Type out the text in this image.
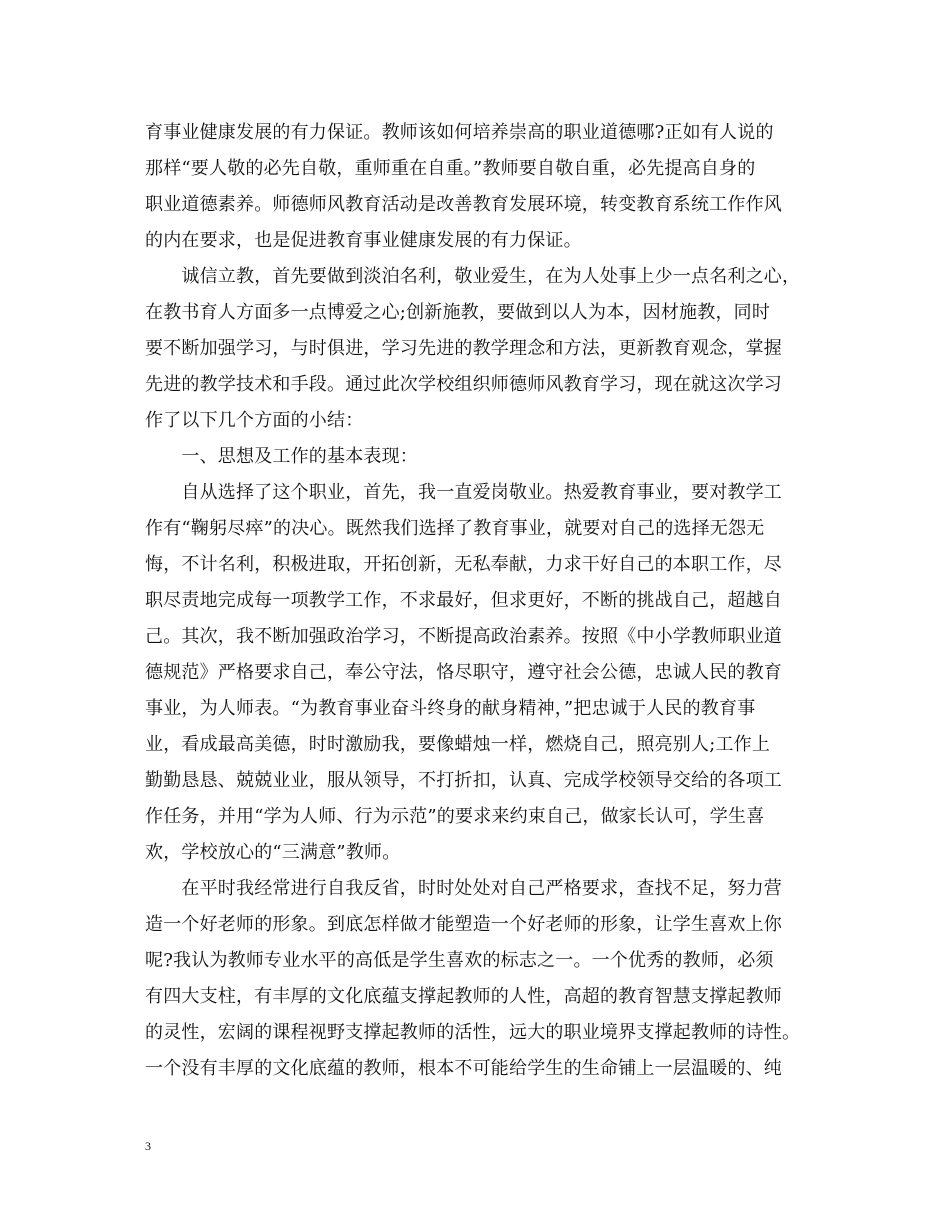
育事业健康发展的有力保证。教师该如何培养崇高的职业道德哪?正如有人说的
那样“要人敬的必先自敬，重师重在自重。”教师要自敬自重，必先提高自身的
职业道德素养。师德师风教育活动是改善教育发展环境，转变教育系统工作作风
的内在要求，也是促进教育事业健康发展的有力保证。
　　诚信立教，首先要做到淡泊名利，敬业爱生，在为人处事上少一点名利之心，
在教书育人方面多一点博爱之心;创新施教，要做到以人为本，因材施教，同时
要不断加强学习，与时俱进，学习先进的教学理念和方法，更新教育观念，掌握
先进的教学技术和手段。通过此次学校组织师德师风教育学习，现在就这次学习
作了以下几个方面的小结：
　　一、思想及工作的基本表现：
　　自从选择了这个职业，首先，我一直爱岗敬业。热爱教育事业，要对教学工
作有“鞠躬尽瘁”的决心。既然我们选择了教育事业，就要对自己的选择无怨无
悔，不计名利，积极进取，开拓创新，无私奉献，力求干好自己的本职工作，尽
职尽责地完成每一项教学工作，不求最好，但求更好，不断的挑战自己，超越自
己。其次，我不断加强政治学习，不断提高政治素养。按照《中小学教师职业道
德规范》严格要求自己，奉公守法，恪尽职守，遵守社会公德，忠诚人民的教育
事业，为人师表。“为教育事业奋斗终身的献身精神，”把忠诚于人民的教育事
业，看成最高美德，时时激励我，要像蜡烛一样，燃烧自己，照亮别人;工作上
勤勤恳恳、兢兢业业，服从领导，不打折扣，认真、完成学校领导交给的各项工
作任务，并用“学为人师、行为示范”的要求来约束自己，做家长认可，学生喜
欢，学校放心的“三满意”教师。
　　在平时我经常进行自我反省，时时处处对自己严格要求，查找不足，努力营
造一个好老师的形象。到底怎样做才能塑造一个好老师的形象，让学生喜欢上你
呢?我认为教师专业水平的高低是学生喜欢的标志之一。一个优秀的教师，必须
有四大支柱，有丰厚的文化底蕴支撑起教师的人性，高超的教育智慧支撑起教师
的灵性，宏阔的课程视野支撑起教师的活性，远大的职业境界支撑起教师的诗性。
一个没有丰厚的文化底蕴的教师，根本不可能给学生的生命铺上一层温暖的、纯
3
